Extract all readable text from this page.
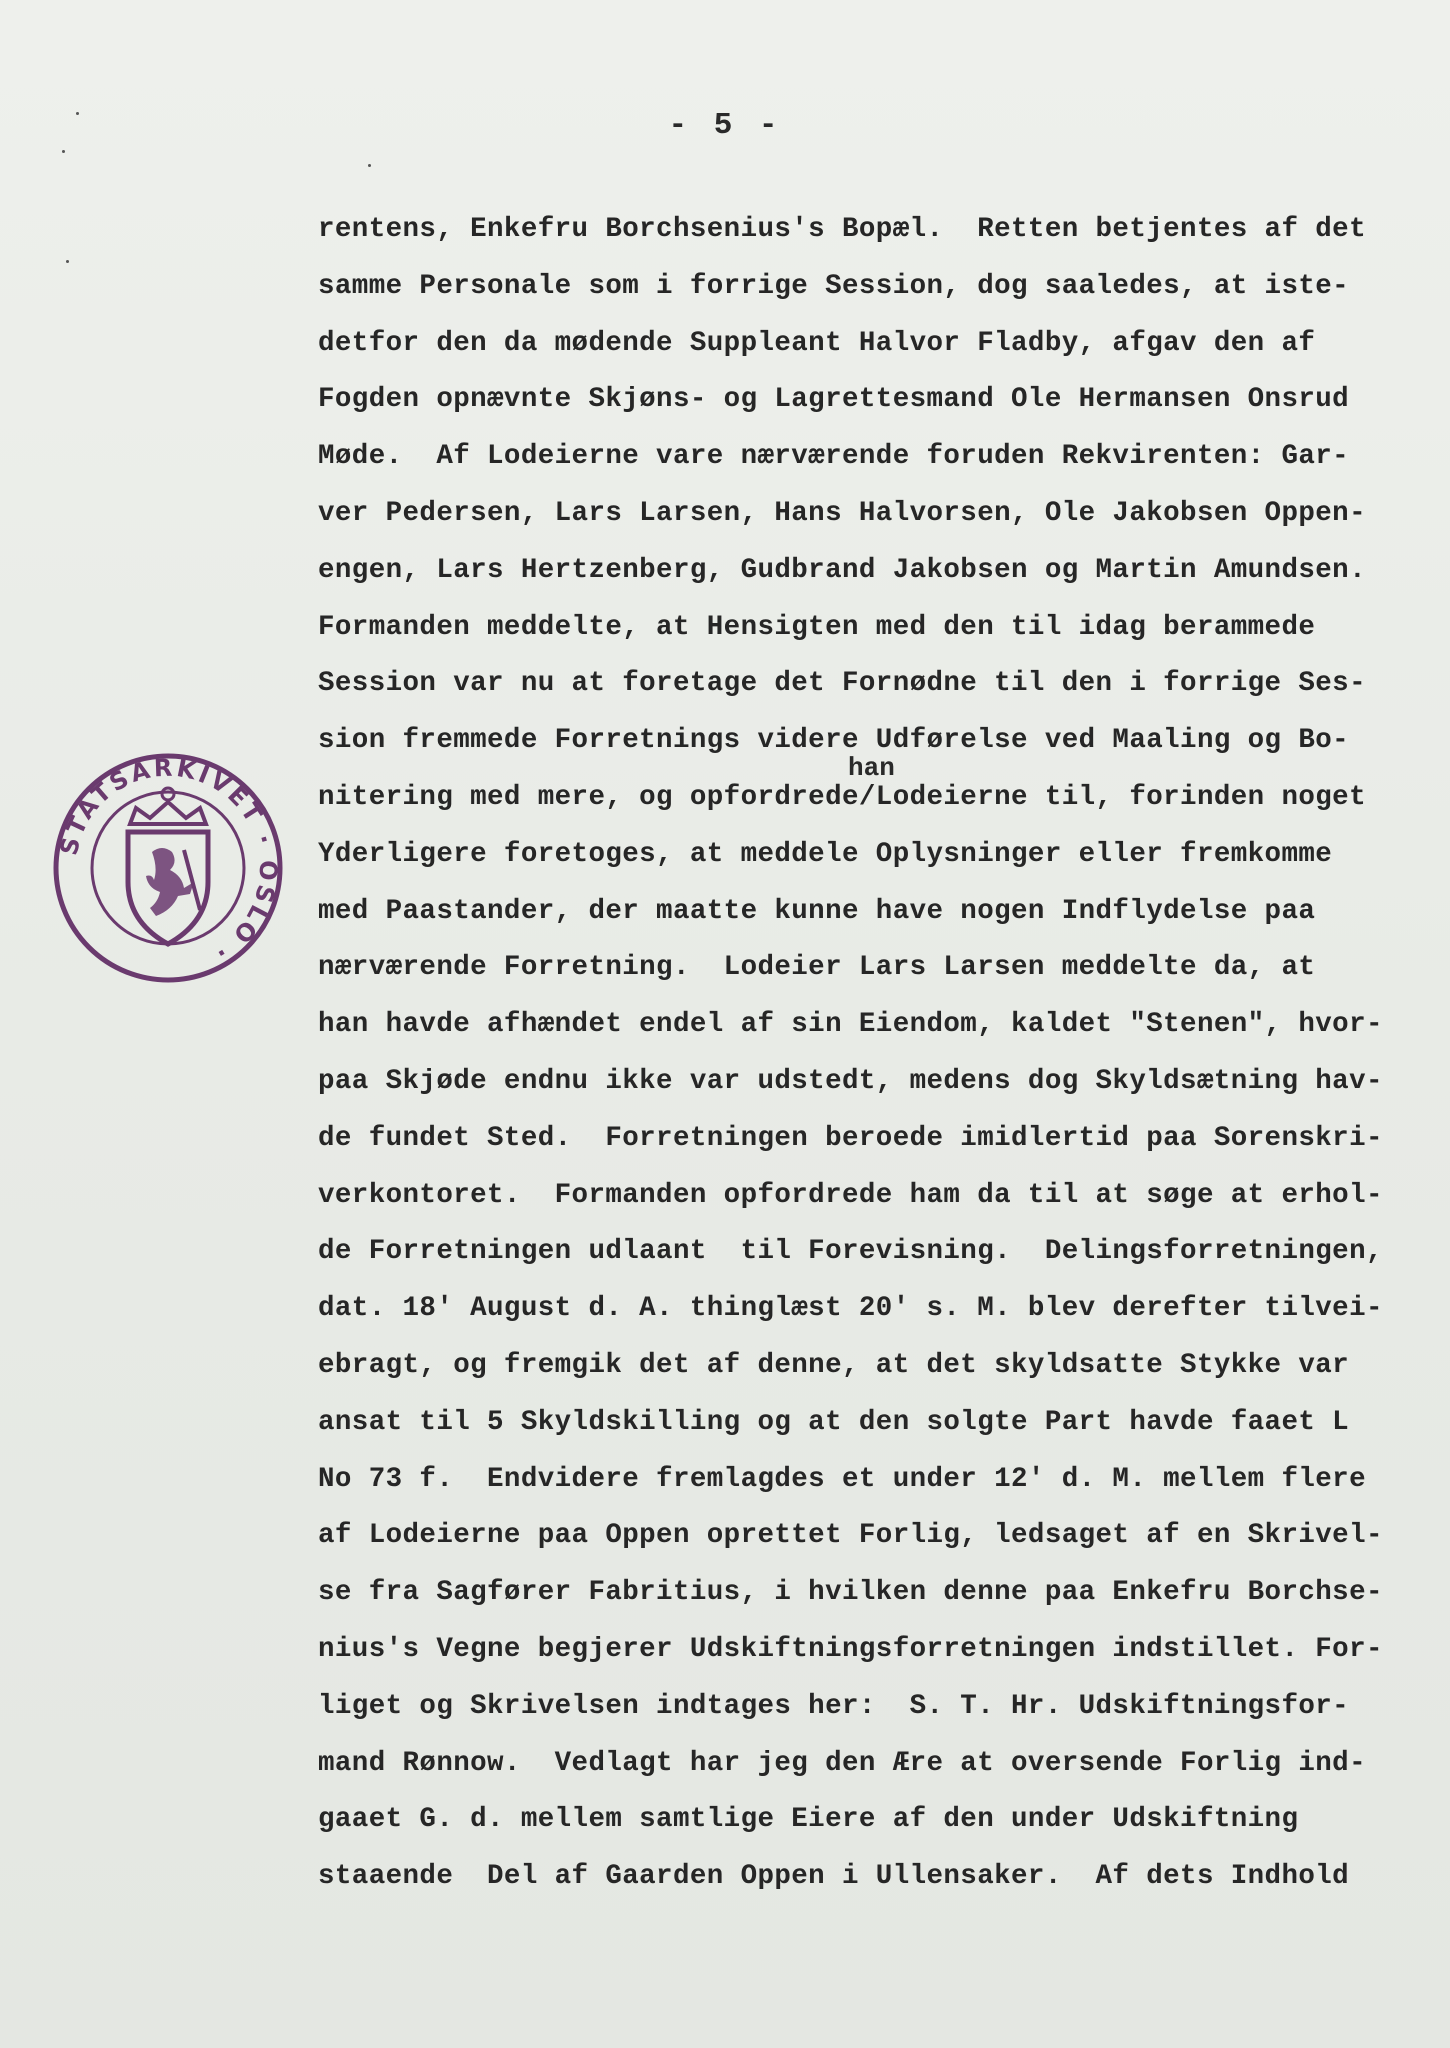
- 5 -
han
STATSARKIVET · OSLO ·
rentens, Enkefru Borchsenius's Bopæl.  Retten betjentes af det
samme Personale som i forrige Session, dog saaledes, at iste-
detfor den da mødende Suppleant Halvor Fladby, afgav den af
Fogden opnævnte Skjøns- og Lagrettesmand Ole Hermansen Onsrud
Møde.  Af Lodeierne vare nærværende foruden Rekvirenten: Gar-
ver Pedersen, Lars Larsen, Hans Halvorsen, Ole Jakobsen Oppen-
engen, Lars Hertzenberg, Gudbrand Jakobsen og Martin Amundsen.
Formanden meddelte, at Hensigten med den til idag berammede
Session var nu at foretage det Fornødne til den i forrige Ses-
sion fremmede Forretnings videre Udførelse ved Maaling og Bo-
nitering med mere, og opfordrede/Lodeierne til, forinden noget
Yderligere foretoges, at meddele Oplysninger eller fremkomme
med Paastander, der maatte kunne have nogen Indflydelse paa
nærværende Forretning.  Lodeier Lars Larsen meddelte da, at
han havde afhændet endel af sin Eiendom, kaldet "Stenen", hvor-
paa Skjøde endnu ikke var udstedt, medens dog Skyldsætning hav-
de fundet Sted.  Forretningen beroede imidlertid paa Sorenskri-
verkontoret.  Formanden opfordrede ham da til at søge at erhol-
de Forretningen udlaant  til Forevisning.  Delingsforretningen,
dat. 18' August d. A. thinglæst 20' s. M. blev derefter tilvei-
ebragt, og fremgik det af denne, at det skyldsatte Stykke var
ansat til 5 Skyldskilling og at den solgte Part havde faaet L
No 73 f.  Endvidere fremlagdes et under 12' d. M. mellem flere
af Lodeierne paa Oppen oprettet Forlig, ledsaget af en Skrivel-
se fra Sagfører Fabritius, i hvilken denne paa Enkefru Borchse-
nius's Vegne begjerer Udskiftningsforretningen indstillet. For-
liget og Skrivelsen indtages her:  S. T. Hr. Udskiftningsfor-
mand Rønnow.  Vedlagt har jeg den Ære at oversende Forlig ind-
gaaet G. d. mellem samtlige Eiere af den under Udskiftning
staaende  Del af Gaarden Oppen i Ullensaker.  Af dets Indhold
